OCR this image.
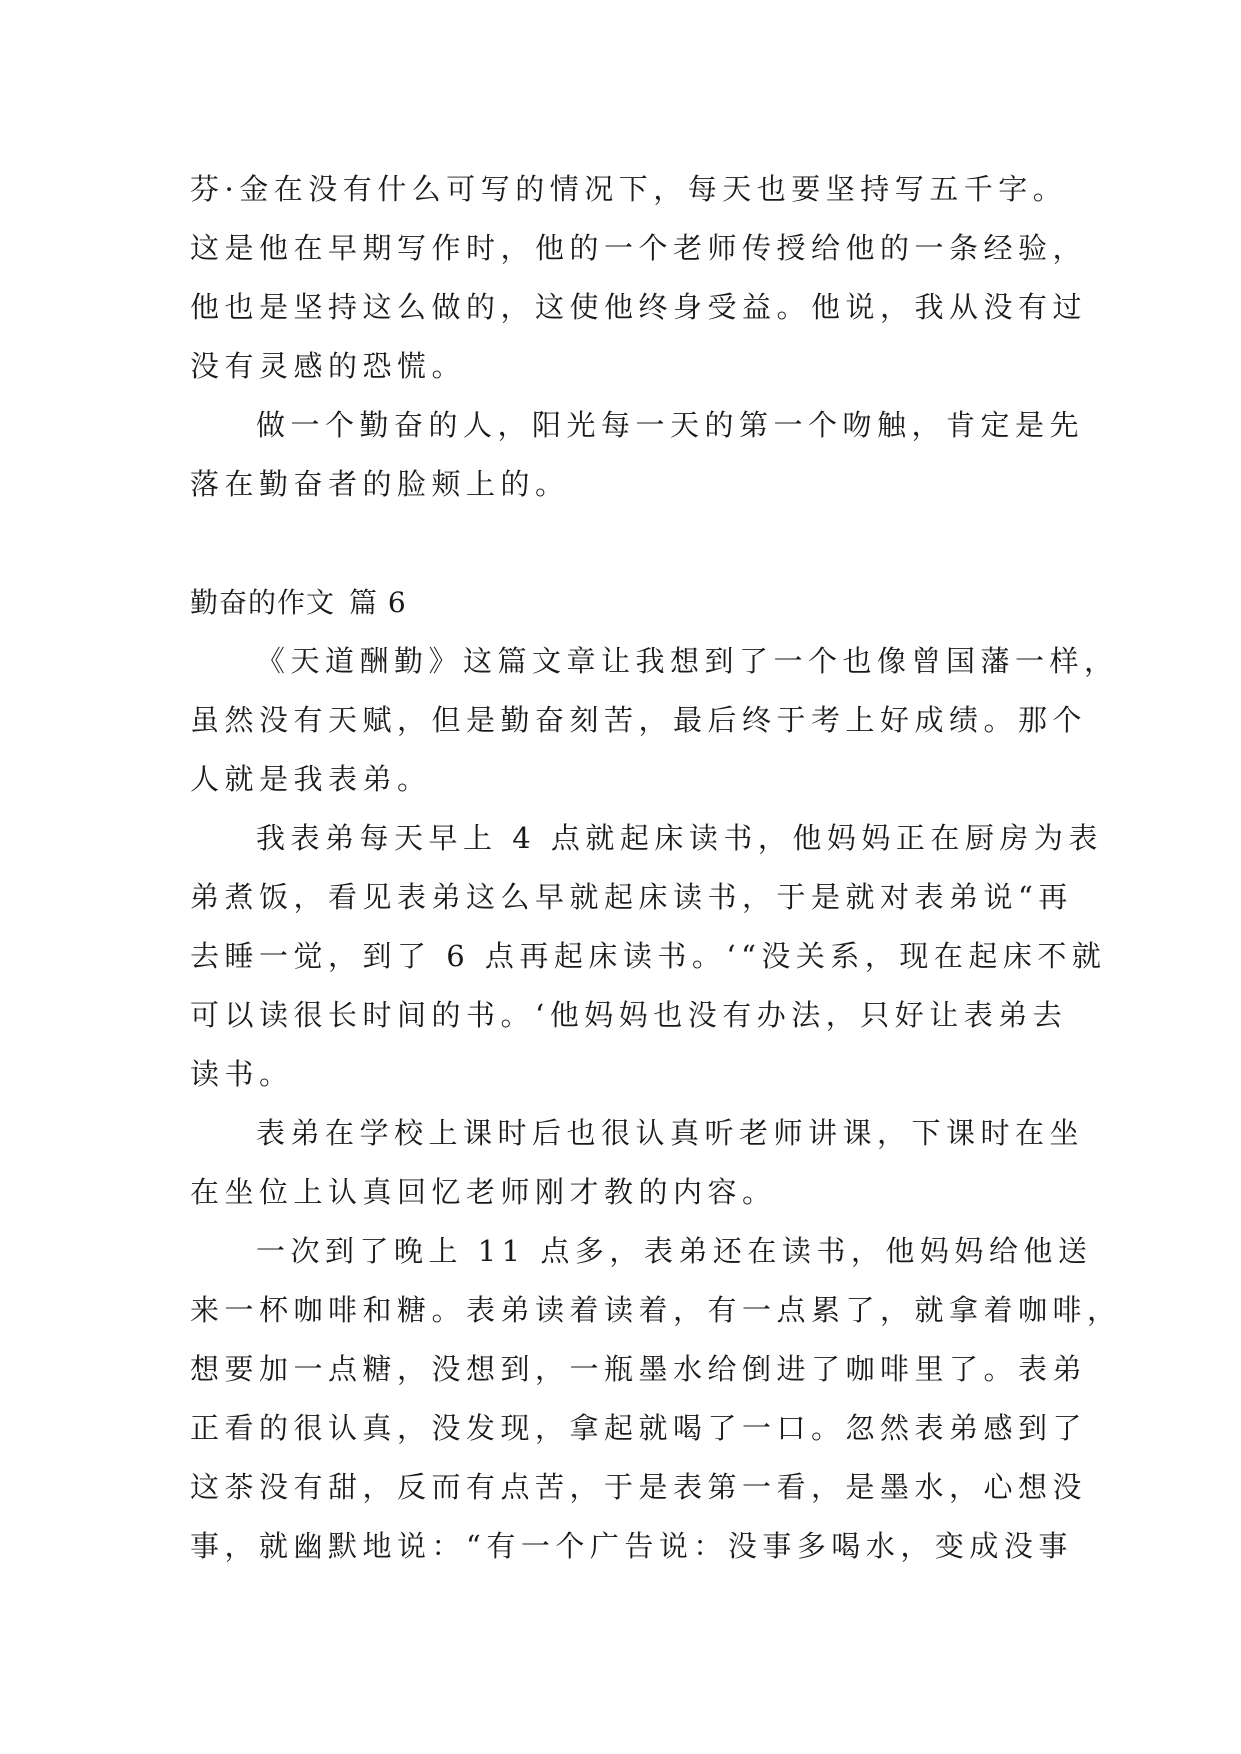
芬·金在没有什么可写的情况下，每天也要坚持写五千字。
这是他在早期写作时，他的一个老师传授给他的一条经验，
他也是坚持这么做的，这使他终身受益。他说，我从没有过
没有灵感的恐慌。
做一个勤奋的人，阳光每一天的第一个吻触，肯定是先
落在勤奋者的脸颊上的。
勤奋的作文 篇 6
《天道酬勤》这篇文章让我想到了一个也像曾国藩一样，
虽然没有天赋，但是勤奋刻苦，最后终于考上好成绩。那个
人就是我表弟。
我表弟每天早上 4 点就起床读书，他妈妈正在厨房为表
弟煮饭，看见表弟这么早就起床读书，于是就对表弟说“再
去睡一觉，到了 6 点再起床读书。‘“没关系，现在起床不就
可以读很长时间的书。‘他妈妈也没有办法，只好让表弟去
读书。
表弟在学校上课时后也很认真听老师讲课，下课时在坐
在坐位上认真回忆老师刚才教的内容。
一次到了晚上 11 点多，表弟还在读书，他妈妈给他送
来一杯咖啡和糖。表弟读着读着，有一点累了，就拿着咖啡，
想要加一点糖，没想到，一瓶墨水给倒进了咖啡里了。表弟
正看的很认真，没发现，拿起就喝了一口。忽然表弟感到了
这茶没有甜，反而有点苦，于是表第一看，是墨水，心想没
事，就幽默地说：“有一个广告说：没事多喝水，变成没事
